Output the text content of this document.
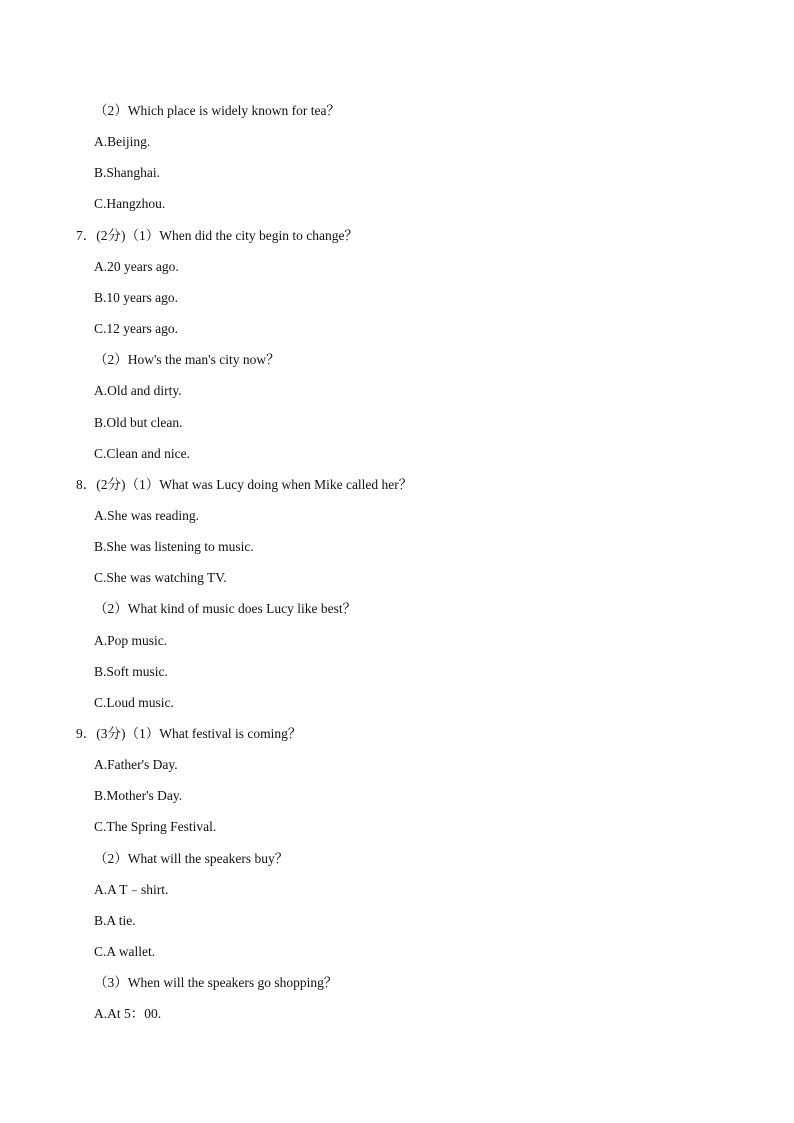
（2）Which place is widely known for tea？
A.Beijing.
B.Shanghai.
C.Hangzhou.
7．(2分)（1）When did the city begin to change？
A.20 years ago.
B.10 years ago.
C.12 years ago.
（2）How's the man's city now？
A.Old and dirty.
B.Old but clean.
C.Clean and nice.
8．(2分)（1）What was Lucy doing when Mike called her？
A.She was reading.
B.She was listening to music.
C.She was watching TV.
（2）What kind of music does Lucy like best？
A.Pop music.
B.Soft music.
C.Loud music.
9．(3分)（1）What festival is coming？
A.Father's Day.
B.Mother's Day.
C.The Spring Festival.
（2）What will the speakers buy？
A.A T﹣shirt.
B.A tie.
C.A wallet.
（3）When will the speakers go shopping？
A.At 5：00.
